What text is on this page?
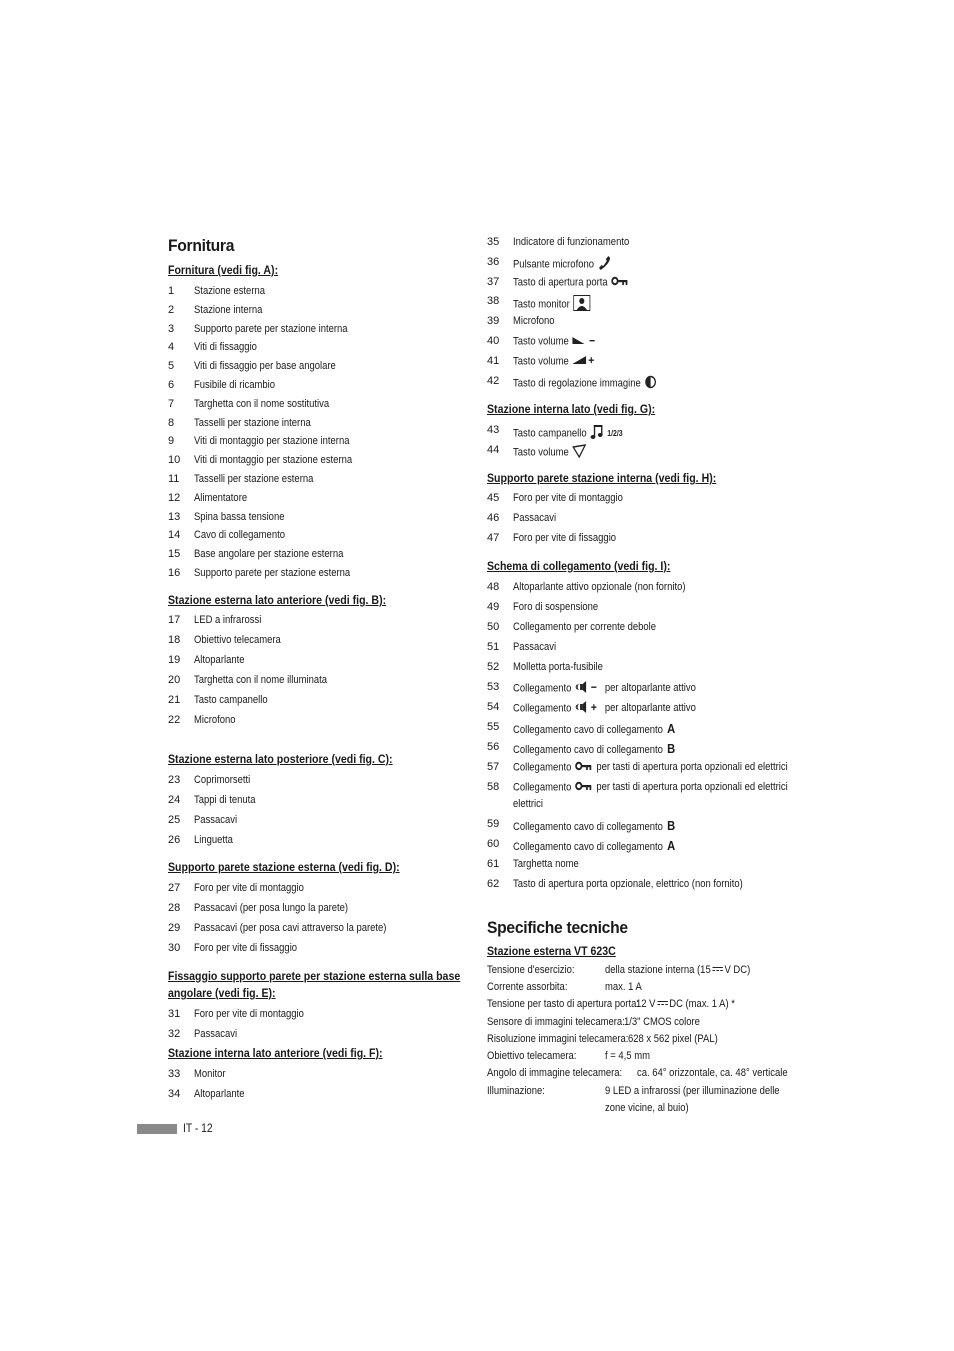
Fornitura
Fornitura (vedi fig. A):
1 Stazione esterna
2 Stazione interna
3 Supporto parete per stazione interna
4 Viti di fissaggio
5 Viti di fissaggio per base angolare
6 Fusibile di ricambio
7 Targhetta con il nome sostitutiva
8 Tasselli per stazione interna
9 Viti di montaggio per stazione interna
10 Viti di montaggio per stazione esterna
11 Tasselli per stazione esterna
12 Alimentatore
13 Spina bassa tensione
14 Cavo di collegamento
15 Base angolare per stazione esterna
16 Supporto parete per stazione esterna
Stazione esterna lato anteriore (vedi fig. B):
17 LED a infrarossi
18 Obiettivo telecamera
19 Altoparlante
20 Targhetta con il nome illuminata
21 Tasto campanello
22 Microfono
Stazione esterna lato posteriore (vedi fig. C):
23 Coprimorsetti
24 Tappi di tenuta
25 Passacavi
26 Linguetta
Supporto parete stazione esterna (vedi fig. D):
27 Foro per vite di montaggio
28 Passacavi (per posa lungo la parete)
29 Passacavi (per posa cavi attraverso la parete)
30 Foro per vite di fissaggio
Fissaggio supporto parete per stazione esterna sulla base
angolare (vedi fig. E):
31 Foro per vite di montaggio
32 Passacavi
Stazione interna lato anteriore (vedi fig. F):
33 Monitor
34 Altoparlante
35 Indicatore di funzionamento
36 Pulsante microfono
37 Tasto di apertura porta
38 Tasto monitor
39 Microfono
40 Tasto volume
41 Tasto volume
42 Tasto di regolazione immagine
Stazione interna lato (vedi fig. G):
43 Tasto campanello	1/2/3
44 Tasto volume
Supporto parete stazione interna (vedi fig. H):
45 Foro per vite di montaggio
46 Passacavi
47 Foro per vite di fissaggio
Schema di collegamento (vedi fig. I):
48 Altoparlante attivo opzionale (non fornito)
49 Foro di sospensione
50 Collegamento per corrente debole
51 Passacavi
52 Molletta porta-fusibile
53 Collegamento	per altoparlante attivo
54 Collegamento	per altoparlante attivo
55 Collegamento cavo di collegamento A
56 Collegamento cavo di collegamento B
57 Collegamento per tasti di apertura porta opzionali ed elettrici
58 Collegamento per tasti di apertura porta opzionali ed elettrici
elettrici
59 Collegamento cavo di collegamento B
60 Collegamento cavo di collegamento A
61 Targhetta nome
62 Tasto di apertura porta opzionale, elettrico (non fornito)
Specifiche tecniche
Stazione esterna VT 623C
Tensione d'esercizio:	della stazione interna (15 V DC)
Corrente assorbita:	max. 1 A
Tensione per tasto di apertura porta:
12 V DC (max. 1 A) *
Sensore di immagini telecamera: 1/3" CMOS colore
Risoluzione immagini telecamera: 628 x 562 pixel (PAL)
Obiettivo telecamera:	f = 4,5 mm
Angolo di immagine telecamera: ca. 64° orizzontale, ca. 48° verticale
Illuminazione:	9 LED a infrarossi (per illuminazione delle
zone vicine, al buio)
IT - 12
